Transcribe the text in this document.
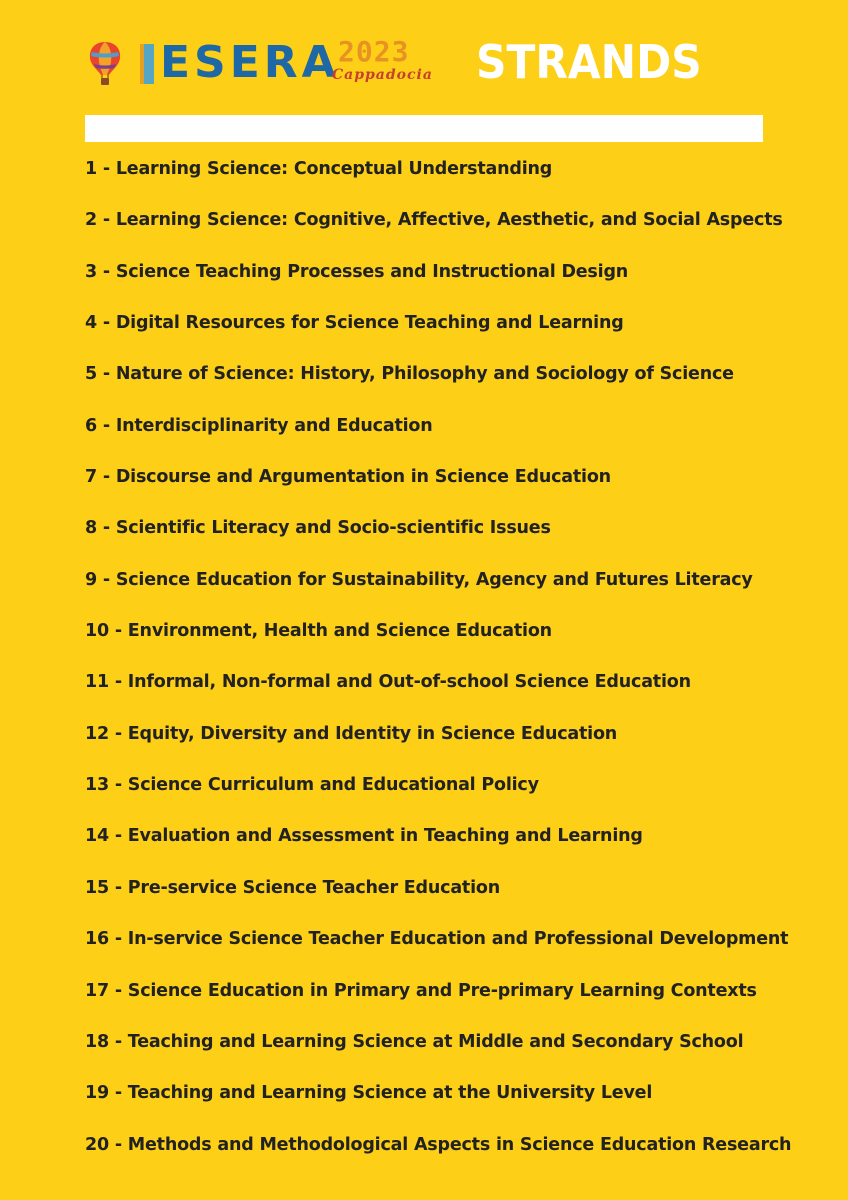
ESERA
2023
Cappadocia STRANDS
1 - Learning Science: Conceptual Understanding
2 - Learning Science: Cognitive, Affective, Aesthetic, and Social Aspects
3 - Science Teaching Processes and Instructional Design
4 - Digital Resources for Science Teaching and Learning
5 - Nature of Science: History, Philosophy and Sociology of Science
6 - Interdisciplinarity and Education
7 - Discourse and Argumentation in Science Education
8 - Scientific Literacy and Socio-scientific Issues
9 - Science Education for Sustainability, Agency and Futures Literacy
10 - Environment, Health and Science Education
11 - Informal, Non-formal and Out-of-school Science Education
12 - Equity, Diversity and Identity in Science Education
13 - Science Curriculum and Educational Policy
14 - Evaluation and Assessment in Teaching and Learning
15 - Pre-service Science Teacher Education
16 - In-service Science Teacher Education and Professional Development
17 - Science Education in Primary and Pre-primary Learning Contexts
18 - Teaching and Learning Science at Middle and Secondary School
19 - Teaching and Learning Science at the University Level
20 - Methods and Methodological Aspects in Science Education Research
